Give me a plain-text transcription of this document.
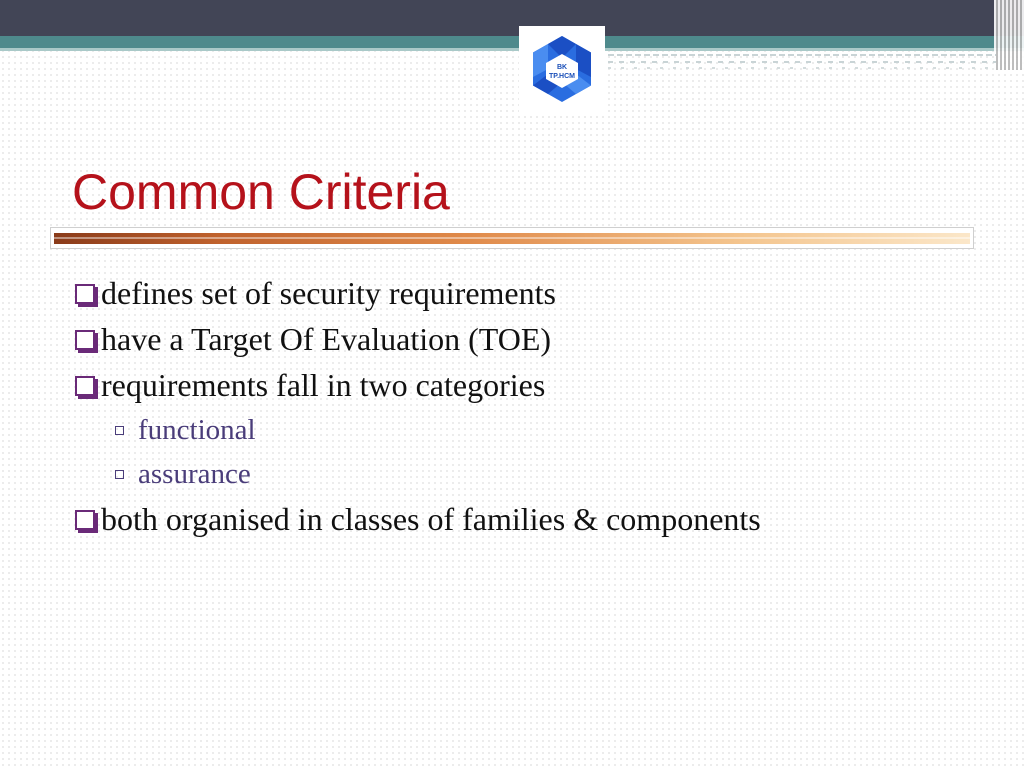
BK
TP.HCM
Common Criteria
defines set of security requirements
have a Target Of Evaluation (TOE)
requirements fall in two categories
functional
assurance
both organised in classes of families & components
